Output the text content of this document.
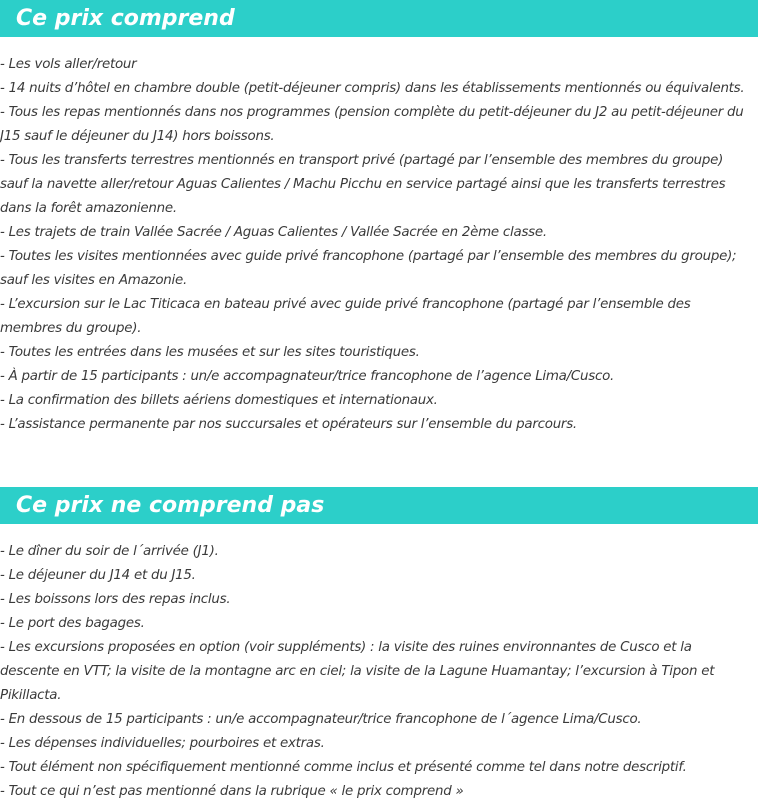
Ce prix comprend
- Les vols aller/retour
- 14 nuits d’hôtel en chambre double (petit-déjeuner compris) dans les établissements mentionnés ou équivalents.
- Tous les repas mentionnés dans nos programmes (pension complète du petit-déjeuner du J2 au petit-déjeuner du J15 sauf le déjeuner du J14) hors boissons.
- Tous les transferts terrestres mentionnés en transport privé (partagé par l’ensemble des membres du groupe) sauf la navette aller/retour Aguas Calientes / Machu Picchu en service partagé ainsi que les transferts terrestres dans la forêt amazonienne.
- Les trajets de train Vallée Sacrée / Aguas Calientes / Vallée Sacrée en 2ème classe.
- Toutes les visites mentionnées avec guide privé francophone (partagé par l’ensemble des membres du groupe); sauf les visites en Amazonie.
- L’excursion sur le Lac Titicaca en bateau privé avec guide privé francophone (partagé par l’ensemble des membres du groupe).
- Toutes les entrées dans les musées et sur les sites touristiques.
- À partir de 15 participants : un/e accompagnateur/trice francophone de l’agence Lima/Cusco.
- La confirmation des billets aériens domestiques et internationaux.
- L’assistance permanente par nos succursales et opérateurs sur l’ensemble du parcours.
Ce prix ne comprend pas
- Le dîner du soir de l´arrivée (J1).
- Le déjeuner du J14 et du J15.
- Les boissons lors des repas inclus.
- Le port des bagages.
- Les excursions proposées en option (voir suppléments) : la visite des ruines environnantes de Cusco et la descente en VTT; la visite de la montagne arc en ciel; la visite de la Lagune Huamantay; l’excursion à Tipon et Pikillacta.
- En dessous de 15 participants : un/e accompagnateur/trice francophone de l´agence Lima/Cusco.
- Les dépenses individuelles; pourboires et extras.
- Tout élément non spécifiquement mentionné comme inclus et présenté comme tel dans notre descriptif.
- Tout ce qui n’est pas mentionné dans la rubrique « le prix comprend »
